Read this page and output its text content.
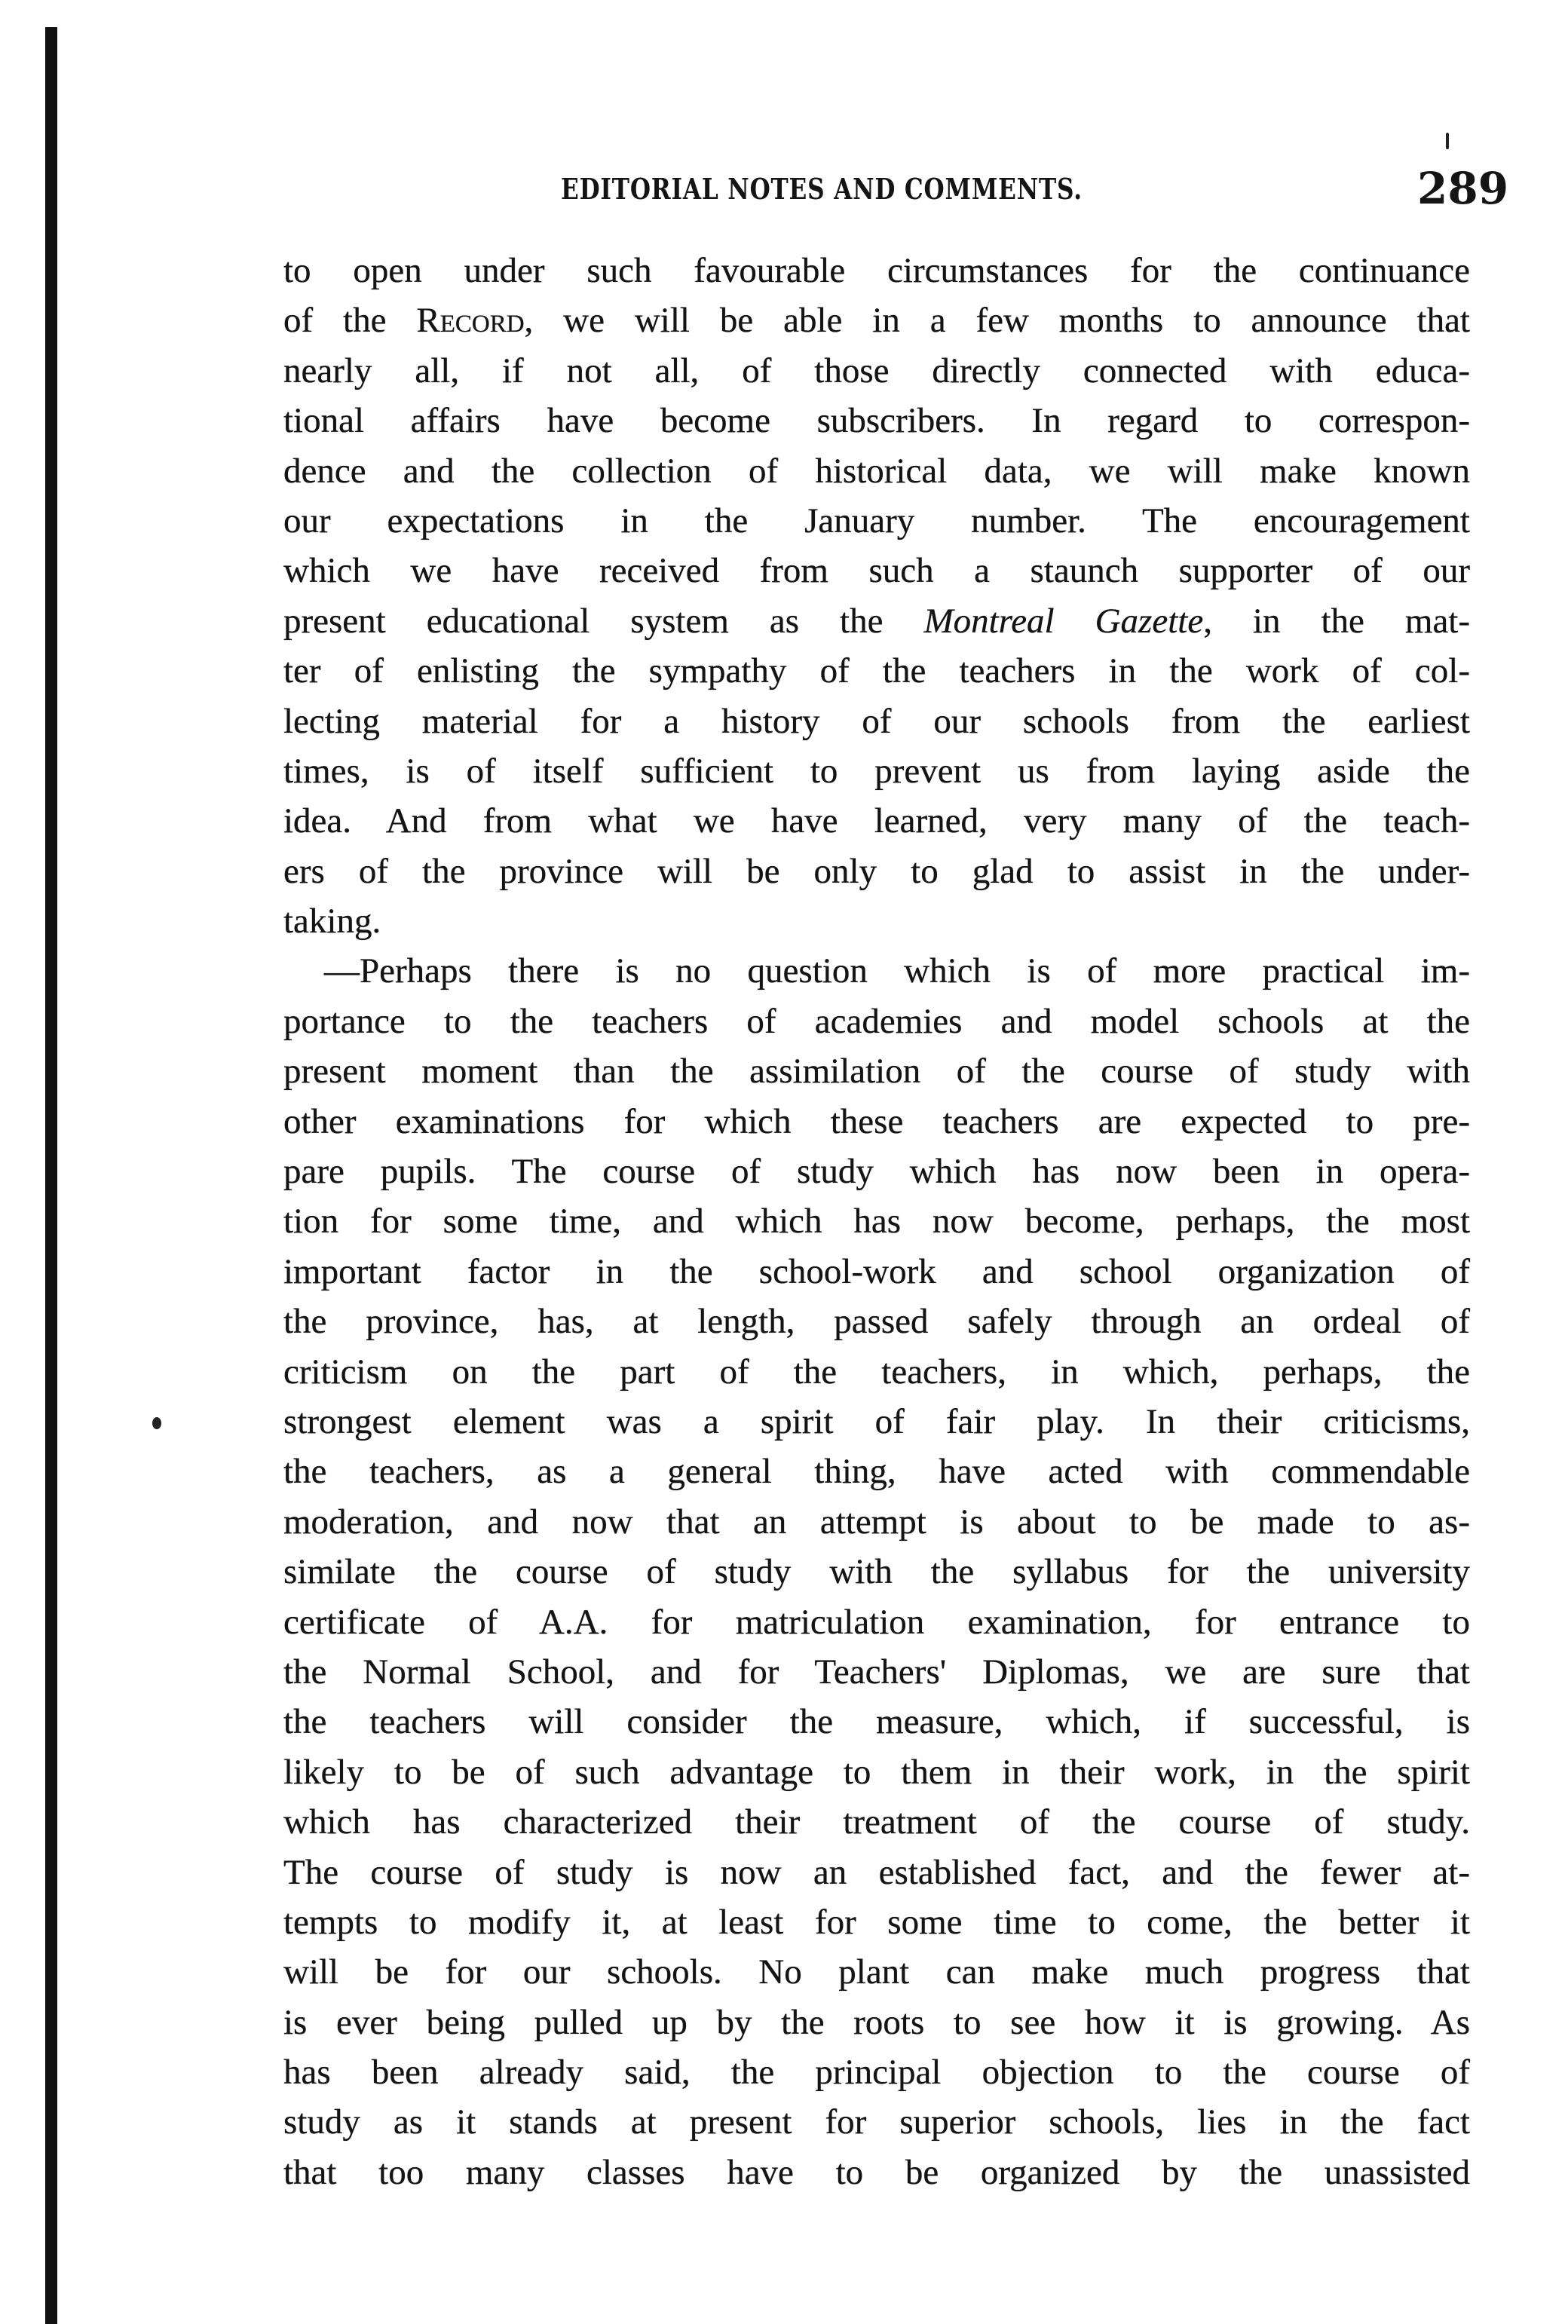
EDITORIAL NOTES AND COMMENTS.	289
to open under such favourable circumstances for the continuance
of the Record, we will be able in a few months to announce that
nearly all, if not all, of those directly connected with educa-
tional affairs have become subscribers. In regard to correspon-
dence and the collection of historical data, we will make known
our expectations in the January number. The encouragement
which we have received from such a staunch supporter of our
present educational system as the Montreal Gazette, in the mat-
ter of enlisting the sympathy of the teachers in the work of col-
lecting material for a history of our schools from the earliest
times, is of itself sufficient to prevent us from laying aside the
idea. And from what we have learned, very many of the teach-
ers of the province will be only to glad to assist in the under-
taking.
—Perhaps there is no question which is of more practical im-
portance to the teachers of academies and model schools at the
present moment than the assimilation of the course of study with
other examinations for which these teachers are expected to pre-
pare pupils. The course of study which has now been in opera-
tion for some time, and which has now become, perhaps, the most
important factor in the school-work and school organization of
the province, has, at length, passed safely through an ordeal of
criticism on the part of the teachers, in which, perhaps, the
strongest element was a spirit of fair play. In their criticisms,
the teachers, as a general thing, have acted with commendable
moderation, and now that an attempt is about to be made to as-
similate the course of study with the syllabus for the university
certificate of A.A. for matriculation examination, for entrance to
the Normal School, and for Teachers' Diplomas, we are sure that
the teachers will consider the measure, which, if successful, is
likely to be of such advantage to them in their work, in the spirit
which has characterized their treatment of the course of study.
The course of study is now an established fact, and the fewer at-
tempts to modify it, at least for some time to come, the better it
will be for our schools. No plant can make much progress that
is ever being pulled up by the roots to see how it is growing. As
has been already said, the principal objection to the course of
study as it stands at present for superior schools, lies in the fact
that too many classes have to be organized by the unassisted
